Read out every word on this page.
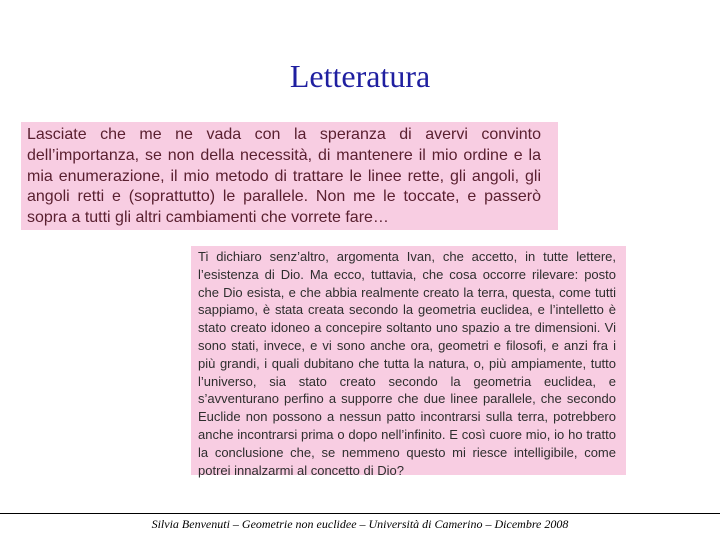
Letteratura
Lasciate che me ne vada con la speranza di avervi convinto dell’importanza, se non della necessità, di mantenere il mio ordine e la mia enumerazione, il mio metodo di trattare le linee rette, gli angoli, gli angoli retti e (soprattutto) le parallele. Non me le toccate, e passerò sopra a tutti gli altri cambiamenti che vorrete fare…
Ti dichiaro senz’altro, argomenta Ivan, che accetto, in tutte lettere, l’esistenza di Dio. Ma ecco, tuttavia, che cosa occorre rilevare: posto che Dio esista, e che abbia realmente creato la terra, questa, come tutti sappiamo, è stata creata secondo la geometria euclidea, e l’intelletto è stato creato idoneo a concepire soltanto uno spazio a tre dimensioni. Vi sono stati, invece, e vi sono anche ora, geometri e filosofi, e anzi fra i più grandi, i quali dubitano che tutta la natura, o, più ampiamente, tutto l’universo, sia stato creato secondo la geometria euclidea, e s’avventurano perfino a supporre che due linee parallele, che secondo Euclide non possono a nessun patto incontrarsi sulla terra, potrebbero anche incontrarsi prima o dopo nell’infinito. E così cuore mio, io ho tratto la conclusione che, se nemmeno questo mi riesce intelligibile, come potrei innalzarmi al concetto di Dio?
Silvia Benvenuti – Geometrie non euclidee – Università di Camerino – Dicembre 2008
